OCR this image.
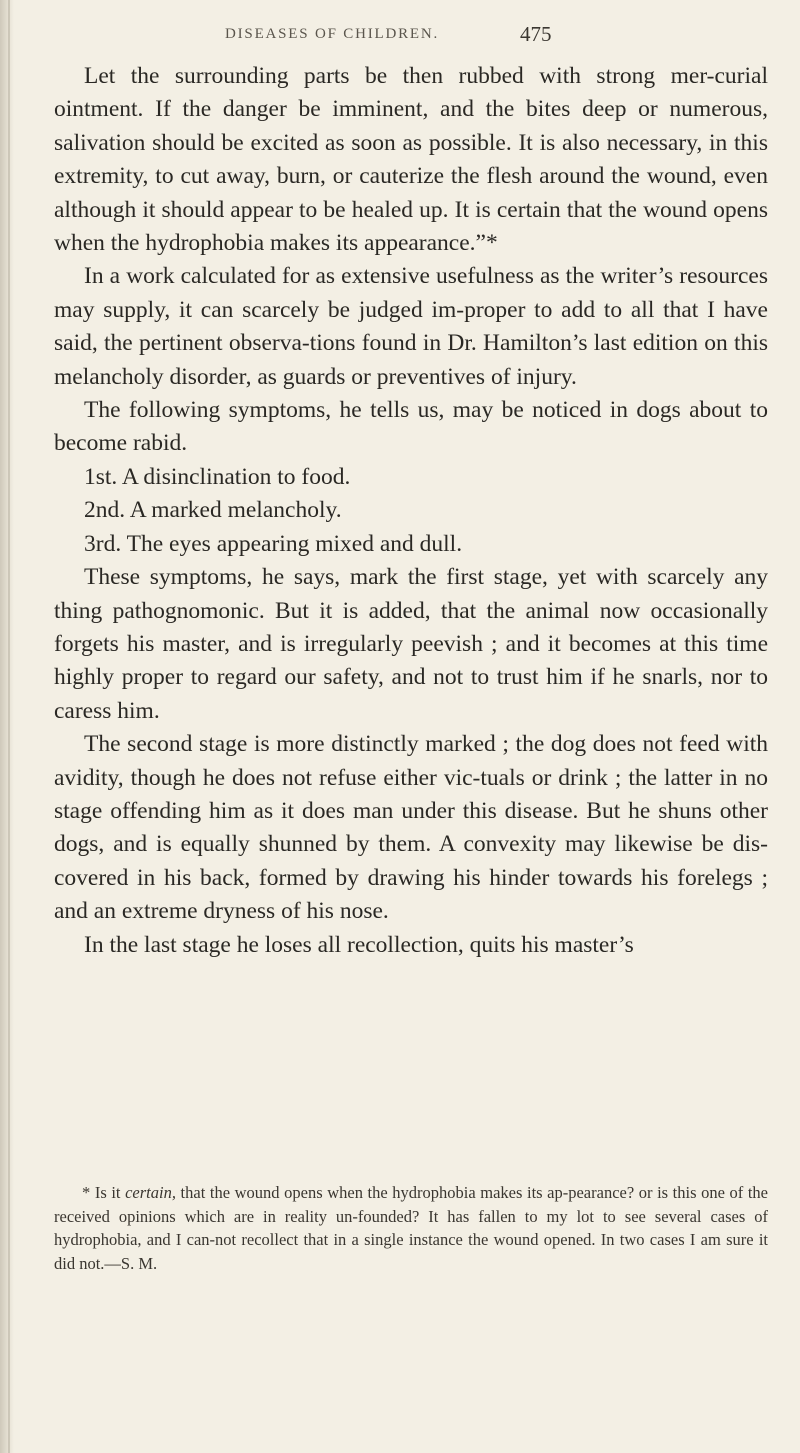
DISEASES OF CHILDREN.	475

Let the surrounding parts be then rubbed with strong mer-curial ointment. If the danger be imminent, and the bites deep or numerous, salivation should be excited as soon as possible. It is also necessary, in this extremity, to cut away, burn, or cauterize the flesh around the wound, even although it should appear to be healed up. It is certain that the wound opens when the hydrophobia makes its appearance.”*

In a work calculated for as extensive usefulness as the writer’s resources may supply, it can scarcely be judged im-proper to add to all that I have said, the pertinent observa-tions found in Dr. Hamilton’s last edition on this melancholy disorder, as guards or preventives of injury.

The following symptoms, he tells us, may be noticed in dogs about to become rabid.

1st. A disinclination to food.

2nd. A marked melancholy.

3rd. The eyes appearing mixed and dull.

These symptoms, he says, mark the first stage, yet with scarcely any thing pathognomonic. But it is added, that the animal now occasionally forgets his master, and is irregularly peevish ; and it becomes at this time highly proper to regard our safety, and not to trust him if he snarls, nor to caress him.

The second stage is more distinctly marked ; the dog does not feed with avidity, though he does not refuse either vic-tuals or drink ; the latter in no stage offending him as it does man under this disease. But he shuns other dogs, and is equally shunned by them. A convexity may likewise be dis-covered in his back, formed by drawing his hinder towards his forelegs ; and an extreme dryness of his nose.

In the last stage he loses all recollection, quits his master’s

* Is it certain, that the wound opens when the hydrophobia makes its ap-pearance? or is this one of the received opinions which are in reality un-founded? It has fallen to my lot to see several cases of hydrophobia, and I can-not recollect that in a single instance the wound opened. In two cases I am sure it did not.—S. M.
